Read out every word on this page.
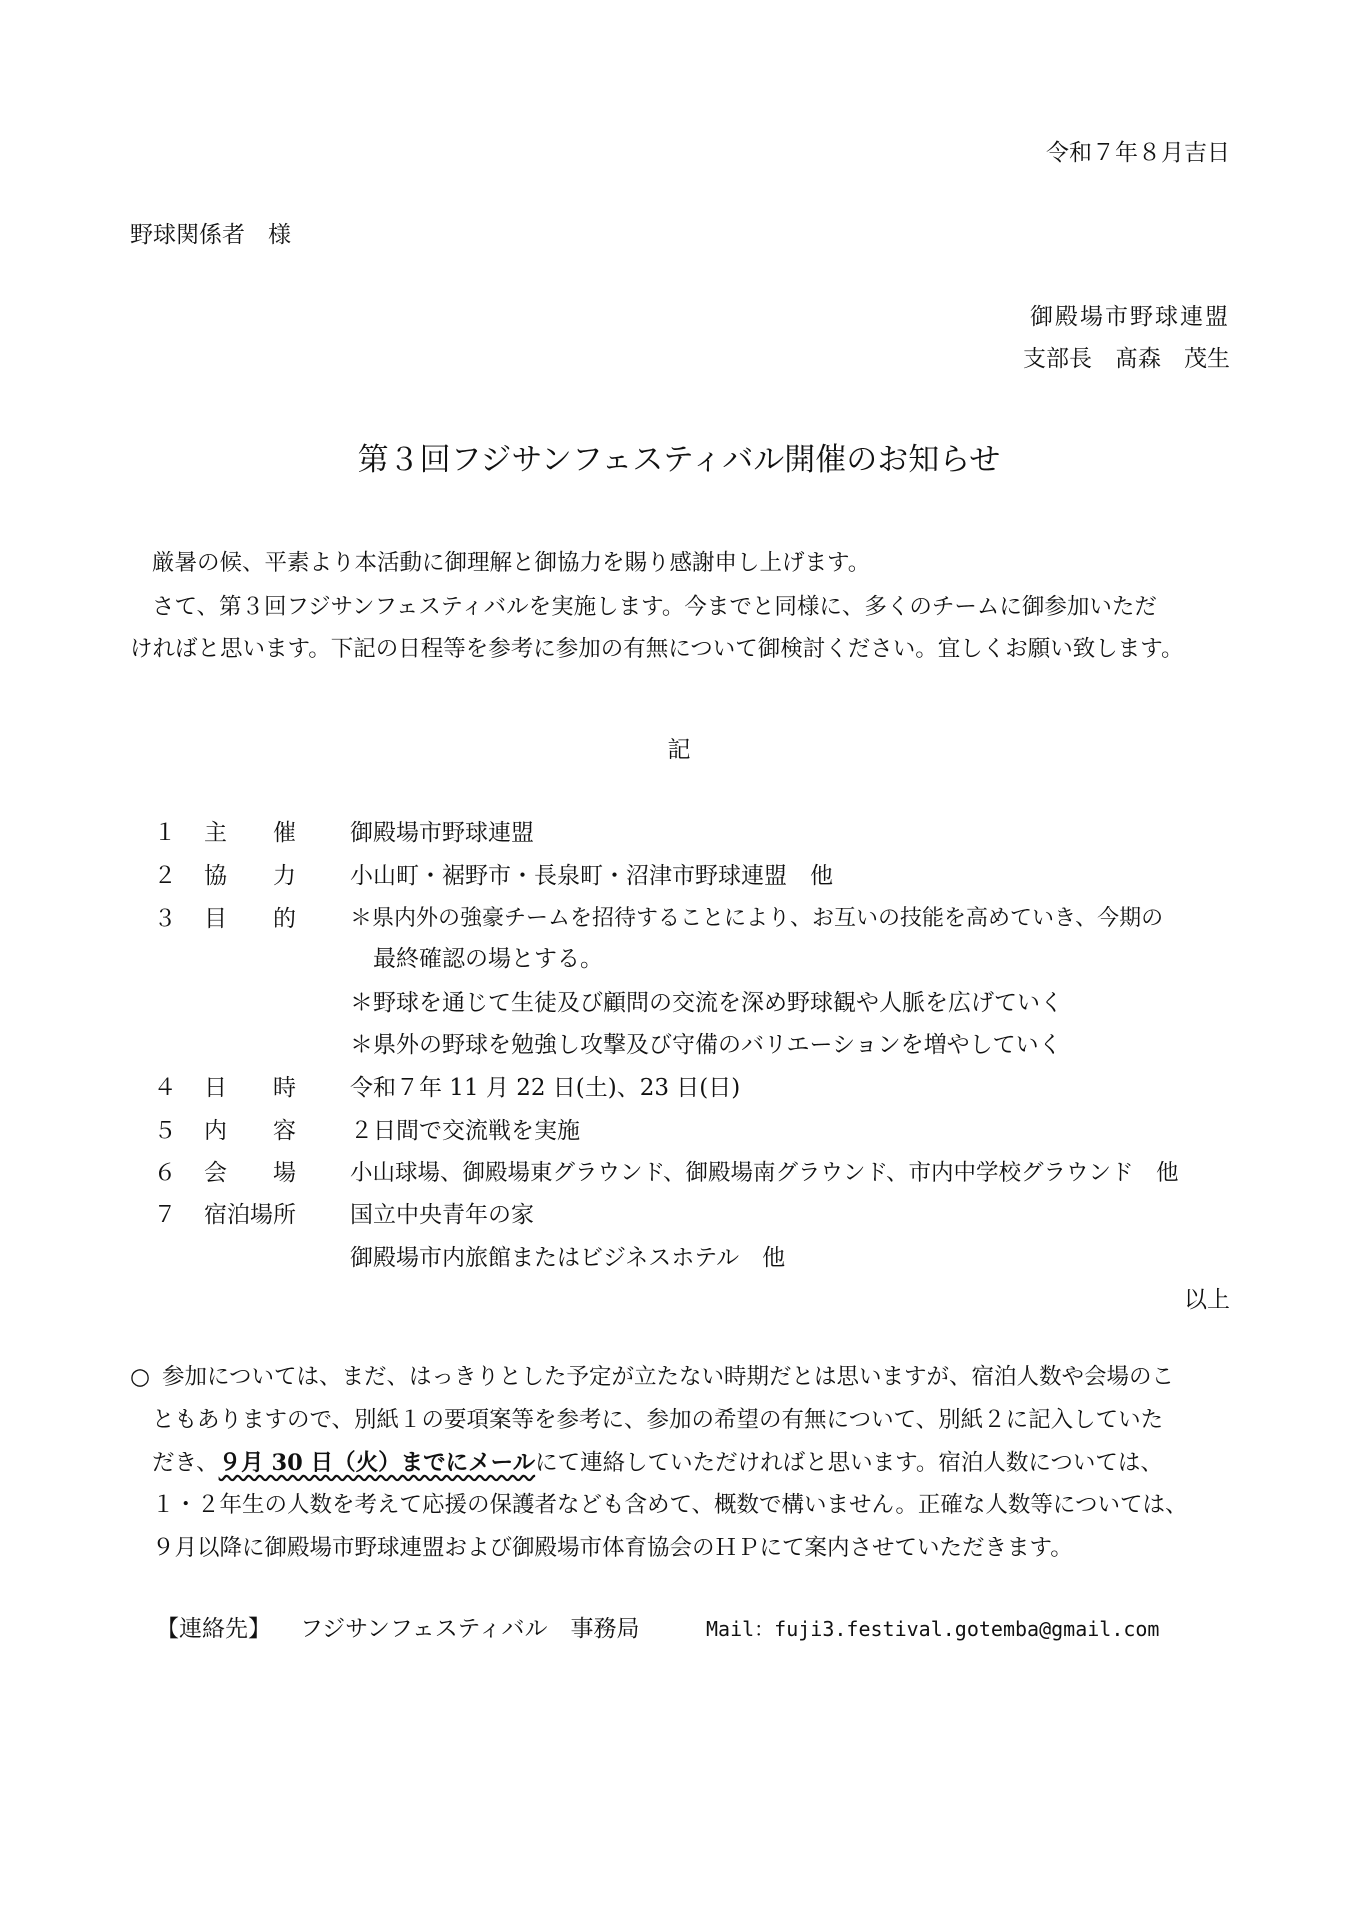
令和７年８月吉日
野球関係者　様
御殿場市野球連盟
支部長　髙森　茂生
第３回フジサンフェスティバル開催のお知らせ
厳暑の候、平素より本活動に御理解と御協力を賜り感謝申し上げます。
さて、第３回フジサンフェスティバルを実施します。今までと同様に、多くのチームに御参加いただ
ければと思います。下記の日程等を参考に参加の有無について御検討ください。宜しくお願い致します。
記
１ 主　　催 御殿場市野球連盟
２ 協　　力 小山町・裾野市・長泉町・沼津市野球連盟　他
３ 目　　的 ＊県内外の強豪チームを招待することにより、お互いの技能を高めていき、今期の
　最終確認の場とする。
＊野球を通じて生徒及び顧問の交流を深め野球観や人脈を広げていく
＊県外の野球を勉強し攻撃及び守備のバリエーションを増やしていく
４ 日　　時 令和７年 11 月 22 日(土)、23 日(日)
５ 内　　容 ２日間で交流戦を実施
６ 会　　場 小山球場、御殿場東グラウンド、御殿場南グラウンド、市内中学校グラウンド　他
７ 宿泊場所 国立中央青年の家
御殿場市内旅館またはビジネスホテル　他
以上
○ 参加については、まだ、はっきりとした予定が立たない時期だとは思いますが、宿泊人数や会場のこ
ともありますので、別紙１の要項案等を参考に、参加の希望の有無について、別紙２に記入していた
だき、９月 30 日（火）までにメールにて連絡していただければと思います。宿泊人数については、
１・２年生の人数を考えて応援の保護者なども含めて、概数で構いません。正確な人数等については、
９月以降に御殿場市野球連盟および御殿場市体育協会のＨＰにて案内させていただきます。
【連絡先】 フジサンフェスティバル　事務局	Mail：fuji3.festival.gotemba@gmail.com
